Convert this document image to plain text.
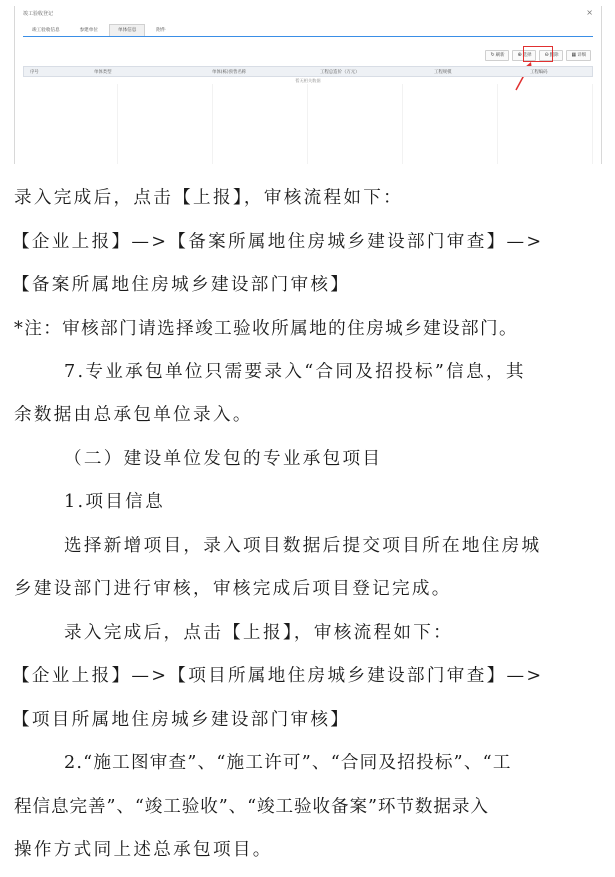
竣工验收登记	×
竣工验收信息	参建单位	单体信息	附件
↻刷新	⊕选择	⊖删除	▦详细
序号	单体类型	单体(栋)预售名称	工程总造价（万元）	工程规模	工程编码
暂无相关数据
录入完成后，点击【上报】，审核流程如下：
【企业上报】—>【备案所属地住房城乡建设部门审查】—>
【备案所属地住房城乡建设部门审核】
*注：审核部门请选择竣工验收所属地的住房城乡建设部门。
7.专业承包单位只需要录入“合同及招投标”信息，其
余数据由总承包单位录入。
（二）建设单位发包的专业承包项目
1.项目信息
选择新增项目，录入项目数据后提交项目所在地住房城
乡建设部门进行审核，审核完成后项目登记完成。
录入完成后，点击【上报】，审核流程如下：
【企业上报】—>【项目所属地住房城乡建设部门审查】—>
【项目所属地住房城乡建设部门审核】
2.“施工图审查”、“施工许可”、“合同及招投标”、“工
程信息完善”、“竣工验收”、“竣工验收备案”环节数据录入
操作方式同上述总承包项目。
